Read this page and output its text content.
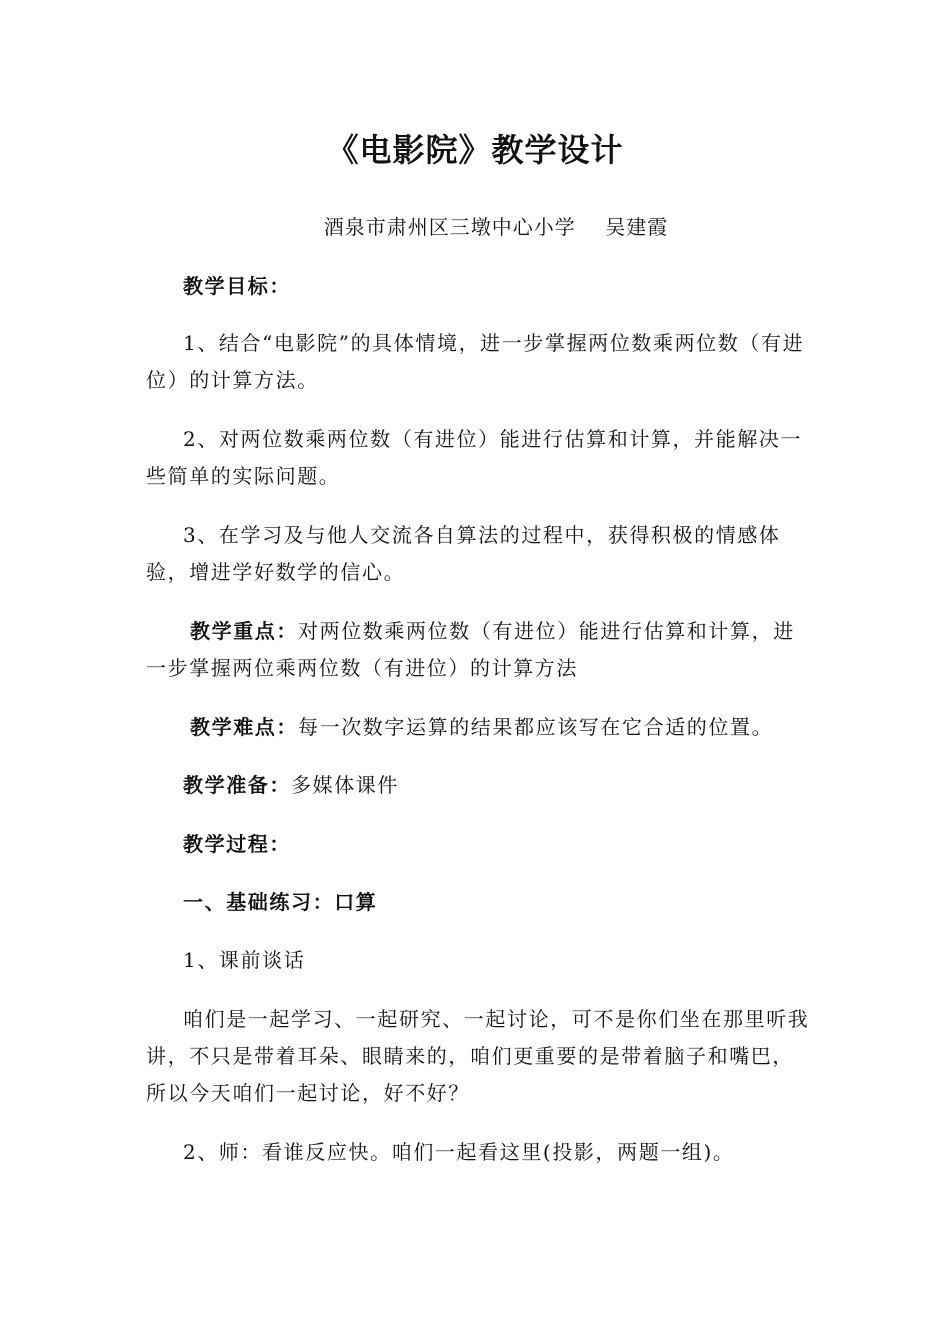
《电影院》教学设计
酒泉市肃州区三墩中心小学    吴建霞

教学目标：

1、结合“电影院”的具体情境，进一步掌握两位数乘两位数（有进位）的计算方法。

2、对两位数乘两位数（有进位）能进行估算和计算，并能解决一些简单的实际问题。

3、在学习及与他人交流各自算法的过程中，获得积极的情感体验，增进学好数学的信心。

教学重点：对两位数乘两位数（有进位）能进行估算和计算，进一步掌握两位乘两位数（有进位）的计算方法

教学难点：每一次数字运算的结果都应该写在它合适的位置。

教学准备：多媒体课件

教学过程：

一、基础练习：口算

1、课前谈话

咱们是一起学习、一起研究、一起讨论，可不是你们坐在那里听我讲，不只是带着耳朵、眼睛来的，咱们更重要的是带着脑子和嘴巴，所以今天咱们一起讨论，好不好？

2、师：看谁反应快。咱们一起看这里(投影，两题一组)。
